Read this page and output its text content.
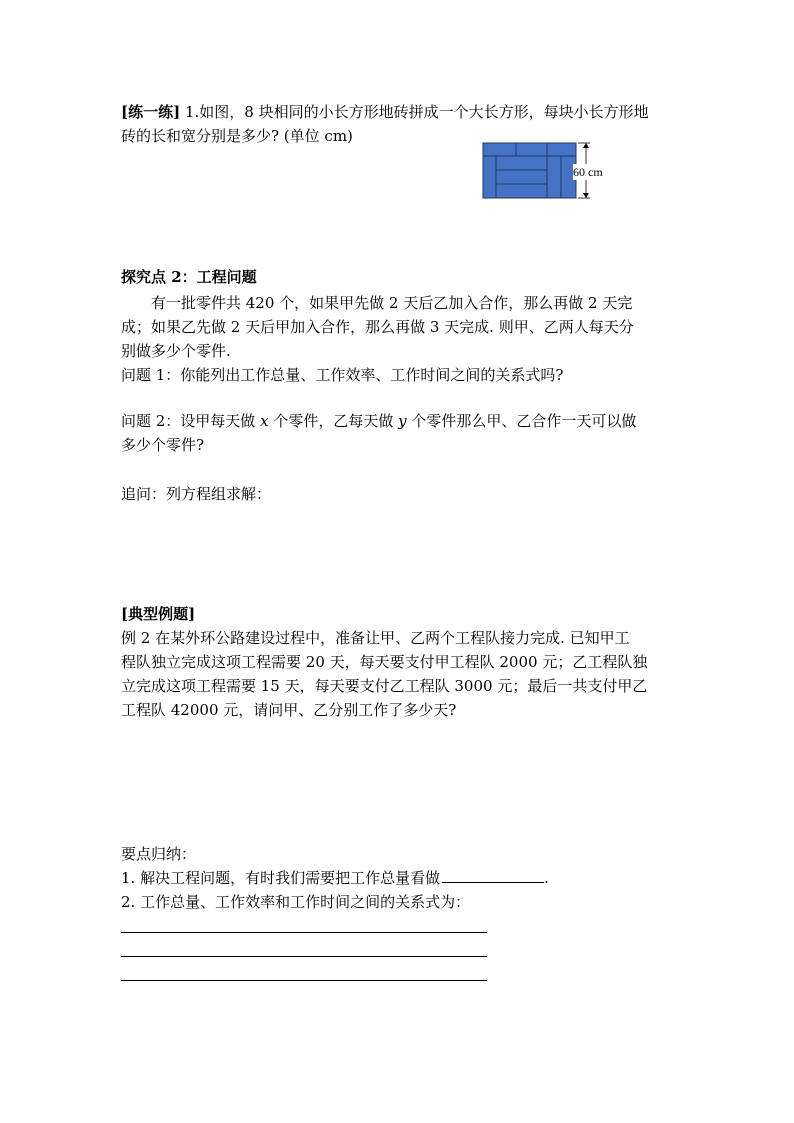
[练一练] 1.如图，8 块相同的小长方形地砖拼成一个大长方形，每块小长方形地
砖的长和宽分别是多少? (单位 cm)
60 cm
探究点 2：工程问题
有一批零件共 420 个，如果甲先做 2 天后乙加入合作，那么再做 2 天完
成；如果乙先做 2 天后甲加入合作，那么再做 3 天完成. 则甲、乙两人每天分
别做多少个零件.
问题 1：你能列出工作总量、工作效率、工作时间之间的关系式吗?
问题 2：设甲每天做 x 个零件，乙每天做 y 个零件那么甲、乙合作一天可以做
多少个零件?
追问：列方程组求解：
[典型例题]
例 2 在某外环公路建设过程中，准备让甲、乙两个工程队接力完成. 已知甲工
程队独立完成这项工程需要 20 天，每天要支付甲工程队 2000 元；乙工程队独
立完成这项工程需要 15 天，每天要支付乙工程队 3000 元；最后一共支付甲乙
工程队 42000 元，请问甲、乙分别工作了多少天?
要点归纳：
1. 解决工程问题，有时我们需要把工作总量看做	.
2. 工作总量、工作效率和工作时间之间的关系式为：
